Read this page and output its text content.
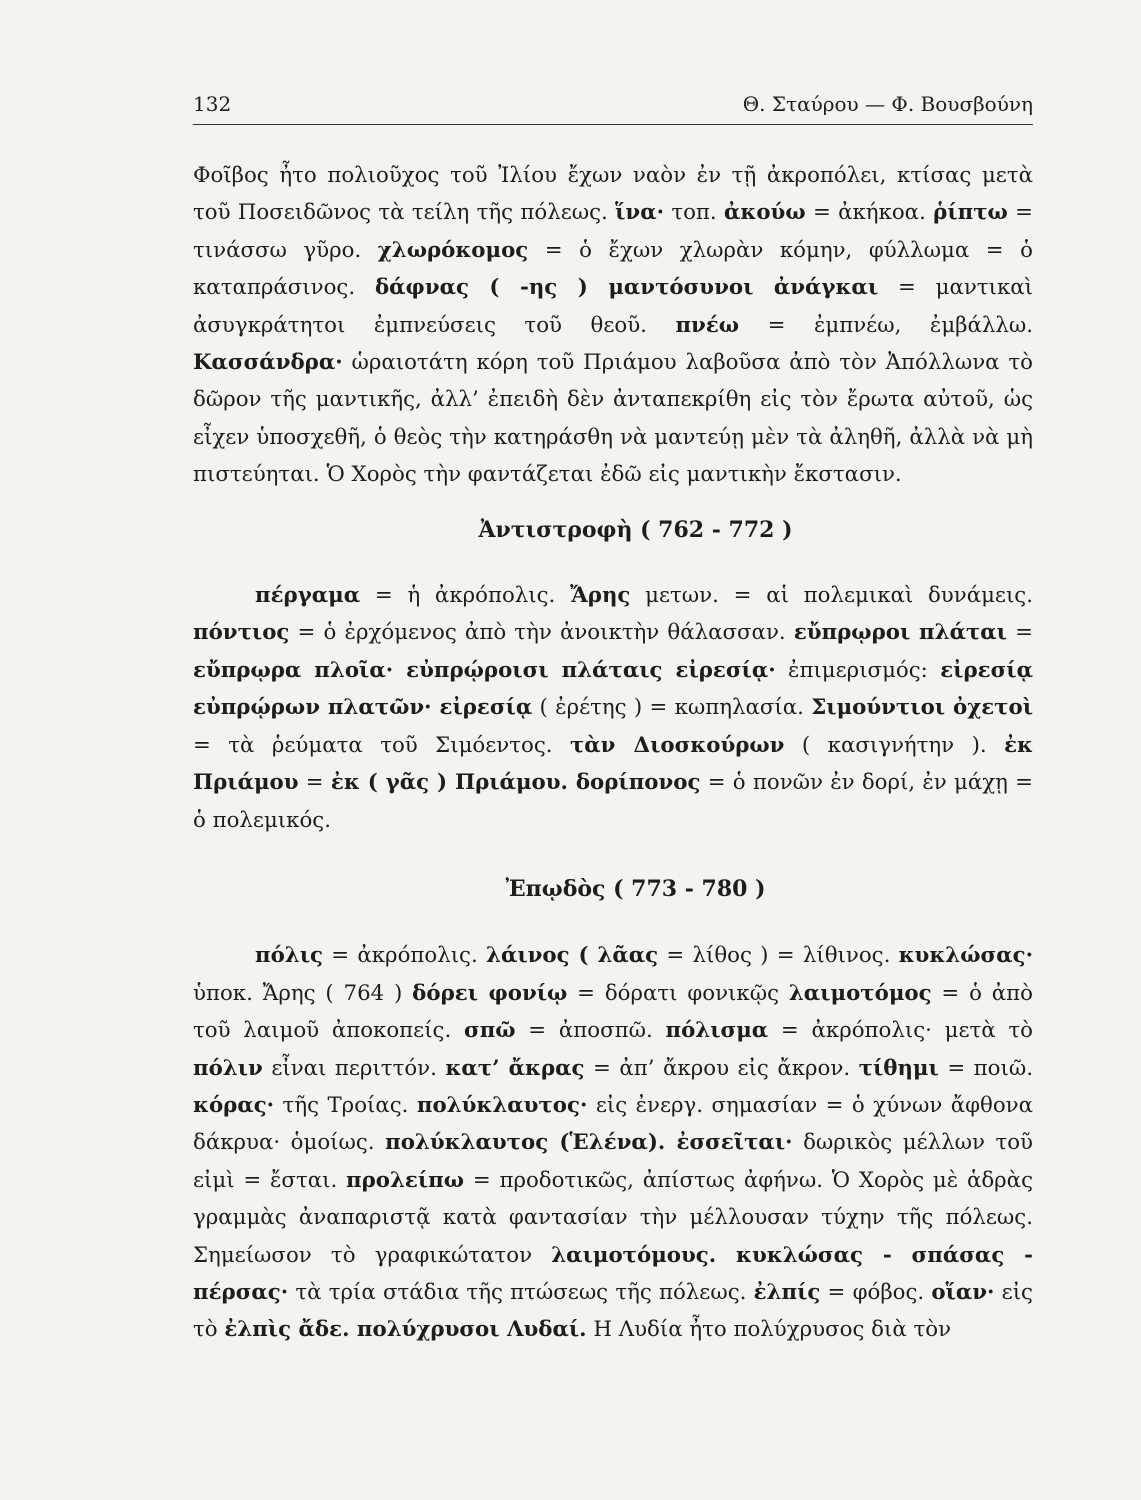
132	Θ. Σταύρου — Φ. Βουσβούνη

Φοῖβος ἦτο πολιοῦχος τοῦ Ἰλίου ἔχων ναὸν ἐν τῇ ἀκροπόλει, κτίσας μετὰ τοῦ Ποσειδῶνος τὰ τείλη τῆς πόλεως. ἵνα· τοπ. ἀκούω = ἀκήκοα. ῥίπτω = τινάσσω γῦρο. χλωρόκομος = ὁ ἔχων χλωρὰν κόμην, φύλλωμα = ὁ καταπράσινος. δάφνας ( -ης ) μαντόσυνοι ἀνάγκαι = μαντικαὶ ἀσυγκράτητοι ἐμπνεύσεις τοῦ θεοῦ. πνέω = ἐμπνέω, ἐμβάλλω. Κασσάνδρα· ὡραιοτάτη κόρη τοῦ Πριάμου λαβοῦσα ἀπὸ τὸν Ἀπόλλωνα τὸ δῶρον τῆς μαντικῆς, ἀλλ’ ἐπειδὴ δὲν ἀνταπεκρίθη εἰς τὸν ἔρωτα αὐτοῦ, ὡς εἶχεν ὑποσχεθῆ, ὁ θεὸς τὴν κατηράσθη νὰ μαντεύῃ μὲν τὰ ἀληθῆ, ἀλλὰ νὰ μὴ πιστεύηται. Ὁ Χορὸς τὴν φαντάζεται ἐδῶ εἰς μαντικὴν ἔκστασιν.

Ἀντιστροφὴ ( 762 - 772 )

πέργαμα = ἡ ἀκρόπολις. Ἄρης μετων. = αἱ πολεμικαὶ δυνάμεις. πόντιος = ὁ ἐρχόμενος ἀπὸ τὴν ἀνοικτὴν θάλασσαν. εὔπρῳροι πλάται = εὔπρῳρα πλοῖα· εὐπρῴροισι πλάταις εἰρεσίᾳ· ἐπιμερισμός: εἰρεσίᾳ εὐπρῴρων πλατῶν· εἰρεσίᾳ ( ἐρέτης ) = κωπηλασία. Σιμούντιοι ὀχετοὶ = τὰ ῥεύματα τοῦ Σιμόεντος. τὰν Διοσκούρων ( κασιγνήτην ). ἐκ Πριάμου = ἐκ ( γᾶς ) Πριάμου. δορίπονος = ὁ πονῶν ἐν δορί, ἐν μάχῃ = ὁ πολεμικός.

Ἐπῳδὸς ( 773 - 780 )

πόλις = ἀκρόπολις. λάινος ( λᾶας = λίθος ) = λίθινος. κυκλώσας· ὑποκ. Ἄρης ( 764 ) δόρει φονίῳ = δόρατι φονικῷς λαιμοτόμος = ὁ ἀπὸ τοῦ λαιμοῦ ἀποκοπείς. σπῶ = ἀποσπῶ. πόλισμα = ἀκρόπολις· μετὰ τὸ πόλιν εἶναι περιττόν. κατ’ ἄκρας = ἀπ’ ἄκρου εἰς ἄκρον. τίθημι = ποιῶ. κόρας· τῆς Τροίας. πολύκλαυτος· εἰς ἐνεργ. σημασίαν = ὁ χύνων ἄφθονα δάκρυα· ὁμοίως. πολύκλαυτος (Ἑλένα). ἐσσεῖται· δωρικὸς μέλλων τοῦ εἰμὶ = ἔσται. προλείπω = προδοτικῶς, ἀπίστως ἀφήνω. Ὁ Χορὸς μὲ ἁδρὰς γραμμὰς ἀναπαριστᾷ κατὰ φαντασίαν τὴν μέλλουσαν τύχην τῆς πόλεως. Σημείωσον τὸ γραφικώτατον λαιμοτόμους. κυκλώσας - σπάσας - πέρσας· τὰ τρία στάδια τῆς πτώσεως τῆς πόλεως. ἐλπίς = φόβος. οἵαν· εἰς τὸ ἐλπὶς ἄδε. πολύχρυσοι Λυδαί. Η Λυδία ἦτο πολύχρυσος διὰ τὸν
